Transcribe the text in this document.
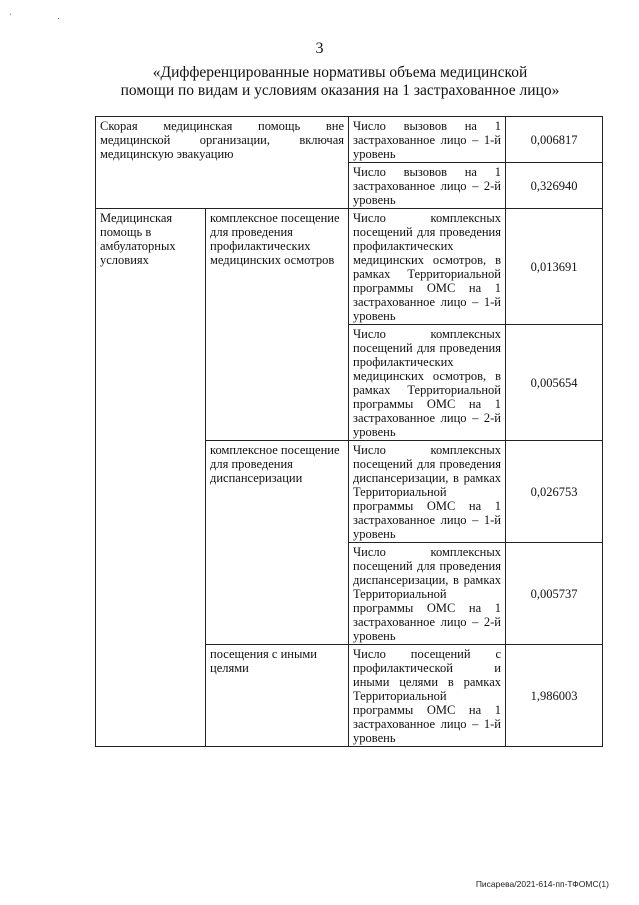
' .
3
«Дифференцированные нормативы объема медицинской
помощи по видам и условиям оказания на 1 застрахованное лицо»
Скорая медицинская помощь вне медицинской организации, включая медицинскую эвакуацию		Число вызовов на 1 застрахованное лицо – 1-й уровень	0,006817
		Число вызовов на 1 застрахованное лицо – 2-й уровень	0,326940
Медицинская помощь в амбулаторных условиях	комплексное посещение для проведения профилактических медицинских осмотров	Число комплексных посещений для проведения профилактических медицинских осмотров, в рамках Территориальной программы ОМС на 1 застрахованное лицо – 1-й уровень	0,013691
		Число комплексных посещений для проведения профилактических медицинских осмотров, в рамках Территориальной программы ОМС на 1 застрахованное лицо – 2-й уровень	0,005654
	комплексное посещение для проведения диспансеризации	Число комплексных посещений для проведения диспансеризации, в рамках Территориальной программы ОМС на 1 застрахованное лицо – 1-й уровень	0,026753
		Число комплексных посещений для проведения диспансеризации, в рамках Территориальной программы ОМС на 1 застрахованное лицо – 2-й уровень	0,005737
	посещения с иными целями	Число посещений с профилактической и иными целями в рамках Территориальной программы ОМС на 1 застрахованное лицо – 1-й уровень	1,986003
Писарева/2021-614-пп-ТФОМС(1)
